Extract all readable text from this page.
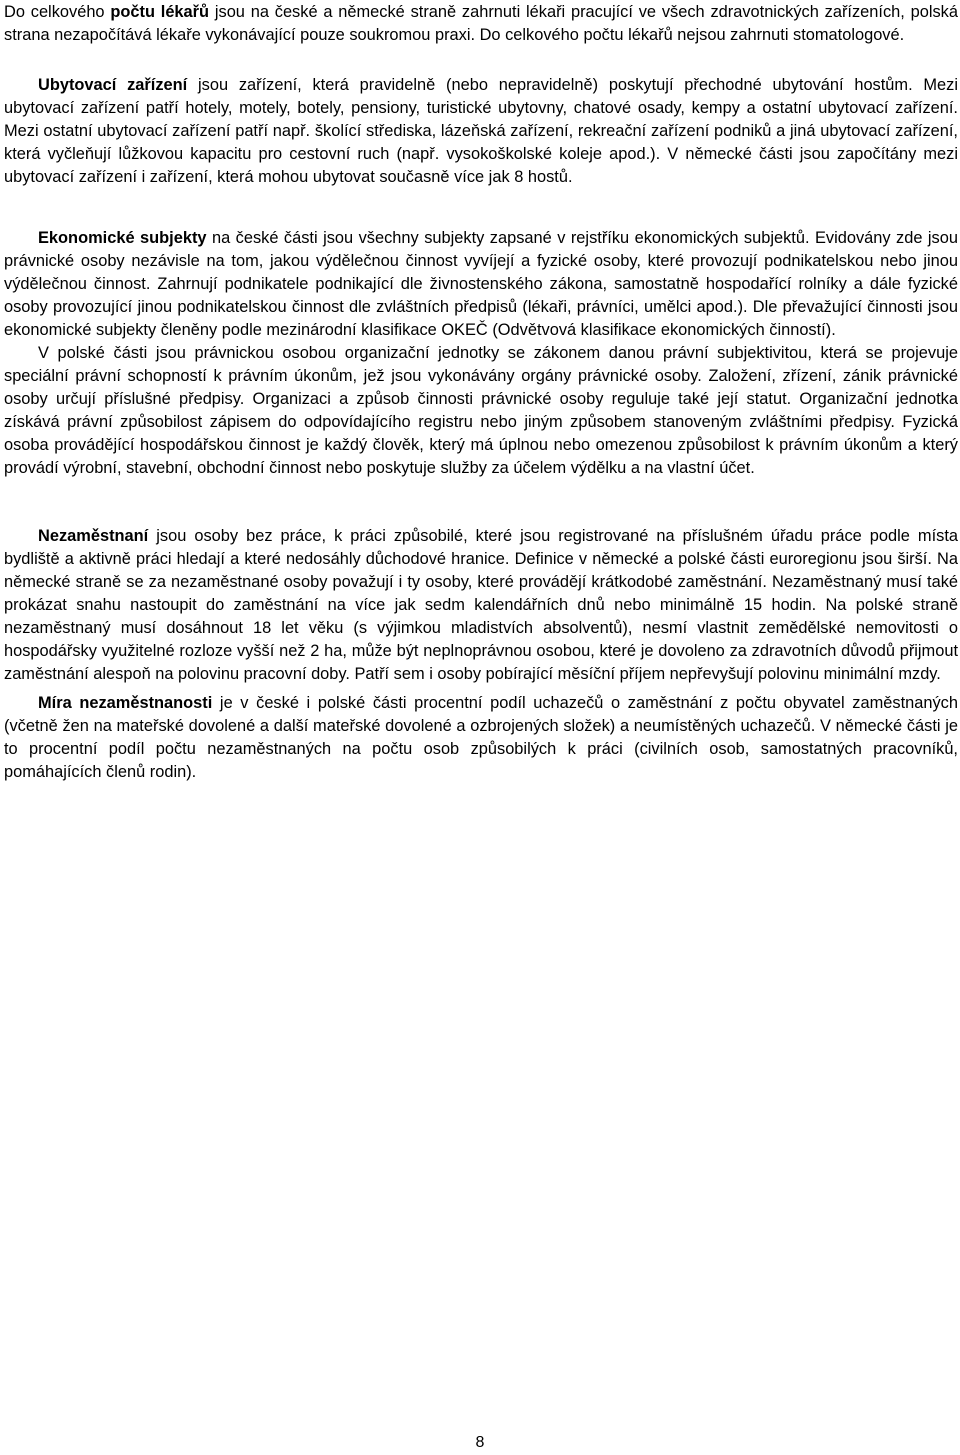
Do celkového počtu lékařů jsou na české a německé straně zahrnuti lékaři pracující ve všech zdravotnických zařízeních, polská strana nezapočítává lékaře vykonávající pouze soukromou praxi. Do celkového počtu lékařů nejsou zahrnuti stomatologové.

Ubytovací zařízení jsou zařízení, která pravidelně (nebo nepravidelně) poskytují přechodné ubytování hostům. Mezi ubytovací zařízení patří hotely, motely, botely, pensiony, turistické ubytovny, chatové osady, kempy a ostatní ubytovací zařízení. Mezi ostatní ubytovací zařízení patří např. školící střediska, lázeňská zařízení, rekreační zařízení podniků a jiná ubytovací zařízení, která vyčleňují lůžkovou kapacitu pro cestovní ruch (např. vysokoškolské koleje apod.). V německé části jsou započítány mezi ubytovací zařízení i zařízení, která mohou ubytovat současně více jak 8 hostů.

Ekonomické subjekty na české části jsou všechny subjekty zapsané v rejstříku ekonomických subjektů. Evidovány zde jsou právnické osoby nezávisle na tom, jakou výdělečnou činnost vyvíjejí a fyzické osoby, které provozují podnikatelskou nebo jinou výdělečnou činnost. Zahrnují podnikatele podnikající dle živnostenského zákona, samostatně hospodařící rolníky a dále fyzické osoby provozující jinou podnikatelskou činnost dle zvláštních předpisů (lékaři, právníci, umělci apod.). Dle převažující činnosti jsou ekonomické subjekty členěny podle mezinárodní klasifikace OKEČ (Odvětvová klasifikace ekonomických činností).

V polské části jsou právnickou osobou organizační jednotky se zákonem danou právní subjektivitou, která se projevuje speciální právní schopností k právním úkonům, jež jsou vykonávány orgány právnické osoby. Založení, zřízení, zánik právnické osoby určují příslušné předpisy. Organizaci a způsob činnosti právnické osoby reguluje také její statut. Organizační jednotka získává právní způsobilost zápisem do odpovídajícího registru nebo jiným způsobem stanoveným zvláštními předpisy. Fyzická osoba provádějící hospodářskou činnost je každý člověk, který má úplnou nebo omezenou způsobilost k právním úkonům a který provádí výrobní, stavební, obchodní činnost nebo poskytuje služby za účelem výdělku a na vlastní účet.

Nezaměstnaní jsou osoby bez práce, k práci způsobilé, které jsou registrované na příslušném úřadu práce podle místa bydliště a aktivně práci hledají a které nedosáhly důchodové hranice. Definice v německé a polské části euroregionu jsou širší. Na německé straně se za nezaměstnané osoby považují i ty osoby, které provádějí krátkodobé zaměstnání. Nezaměstnaný musí také prokázat snahu nastoupit do zaměstnání na více jak sedm kalendářních dnů nebo minimálně 15 hodin. Na polské straně nezaměstnaný musí dosáhnout 18 let věku (s výjimkou mladistvích absolventů), nesmí vlastnit zemědělské nemovitosti o hospodářsky využitelné rozloze vyšší než 2 ha, může být neplnoprávnou osobou, které je dovoleno za zdravotních důvodů přijmout zaměstnání alespoň na polovinu pracovní doby. Patří sem i osoby pobírající měsíční příjem nepřevyšují polovinu minimální mzdy.

Míra nezaměstnanosti je v české i polské části procentní podíl uchazečů o zaměstnání z počtu obyvatel zaměstnaných (včetně žen na mateřské dovolené a další mateřské dovolené a ozbrojených složek) a neumístěných uchazečů. V německé části je to procentní podíl počtu nezaměstnaných na počtu osob způsobilých k práci (civilních osob, samostatných pracovníků, pomáhajících členů rodin).

8
